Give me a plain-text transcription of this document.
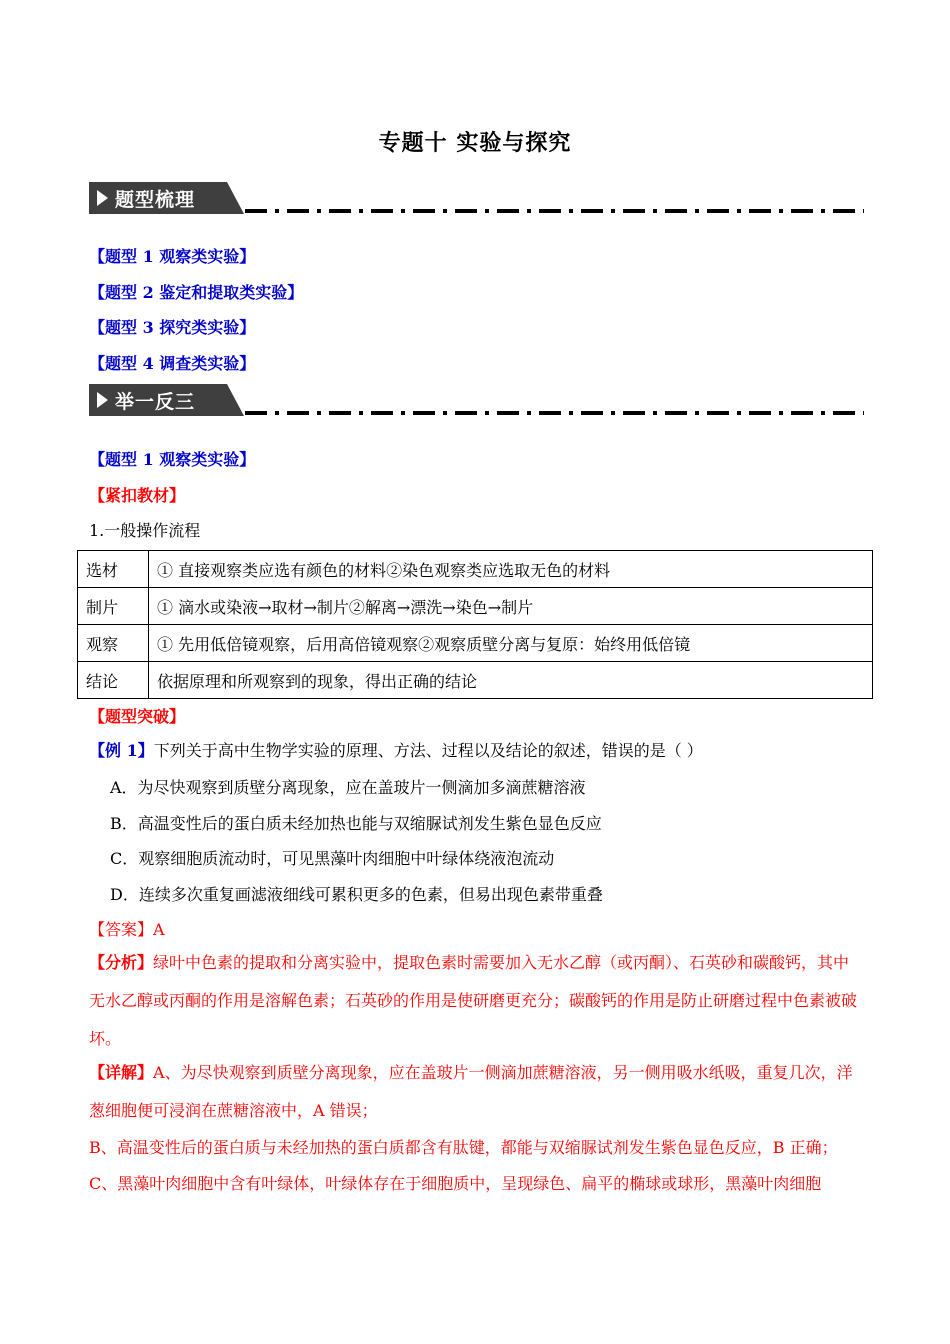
专题十 实验与探究
题型梳理
【题型 1 观察类实验】
【题型 2 鉴定和提取类实验】
【题型 3 探究类实验】
【题型 4 调查类实验】
举一反三
【题型 1 观察类实验】
【紧扣教材】
1.一般操作流程
选材	① 直接观察类应选有颜色的材料②染色观察类应选取无色的材料
制片	① 滴水或染液→取材→制片②解离→漂洗→染色→制片
观察	① 先用低倍镜观察，后用高倍镜观察②观察质壁分离与复原：始终用低倍镜
结论	依据原理和所观察到的现象，得出正确的结论
【题型突破】
【例 1】下列关于高中生物学实验的原理、方法、过程以及结论的叙述，错误的是（ ）
A．为尽快观察到质壁分离现象，应在盖玻片一侧滴加多滴蔗糖溶液
B．高温变性后的蛋白质未经加热也能与双缩脲试剂发生紫色显色反应
C．观察细胞质流动时，可见黑藻叶肉细胞中叶绿体绕液泡流动
D．连续多次重复画滤液细线可累积更多的色素，但易出现色素带重叠
【答案】A
【分析】绿叶中色素的提取和分离实验中，提取色素时需要加入无水乙醇（或丙酮）、石英砂和碳酸钙，其中无水乙醇或丙酮的作用是溶解色素；石英砂的作用是使研磨更充分；碳酸钙的作用是防止研磨过程中色素被破坏。
【详解】A、为尽快观察到质壁分离现象，应在盖玻片一侧滴加蔗糖溶液，另一侧用吸水纸吸，重复几次，洋葱细胞便可浸润在蔗糖溶液中，A 错误；
B、高温变性后的蛋白质与未经加热的蛋白质都含有肽键，都能与双缩脲试剂发生紫色显色反应，B 正确；
C、黑藻叶肉细胞中含有叶绿体，叶绿体存在于细胞质中，呈现绿色、扁平的椭球或球形，黑藻叶肉细胞
